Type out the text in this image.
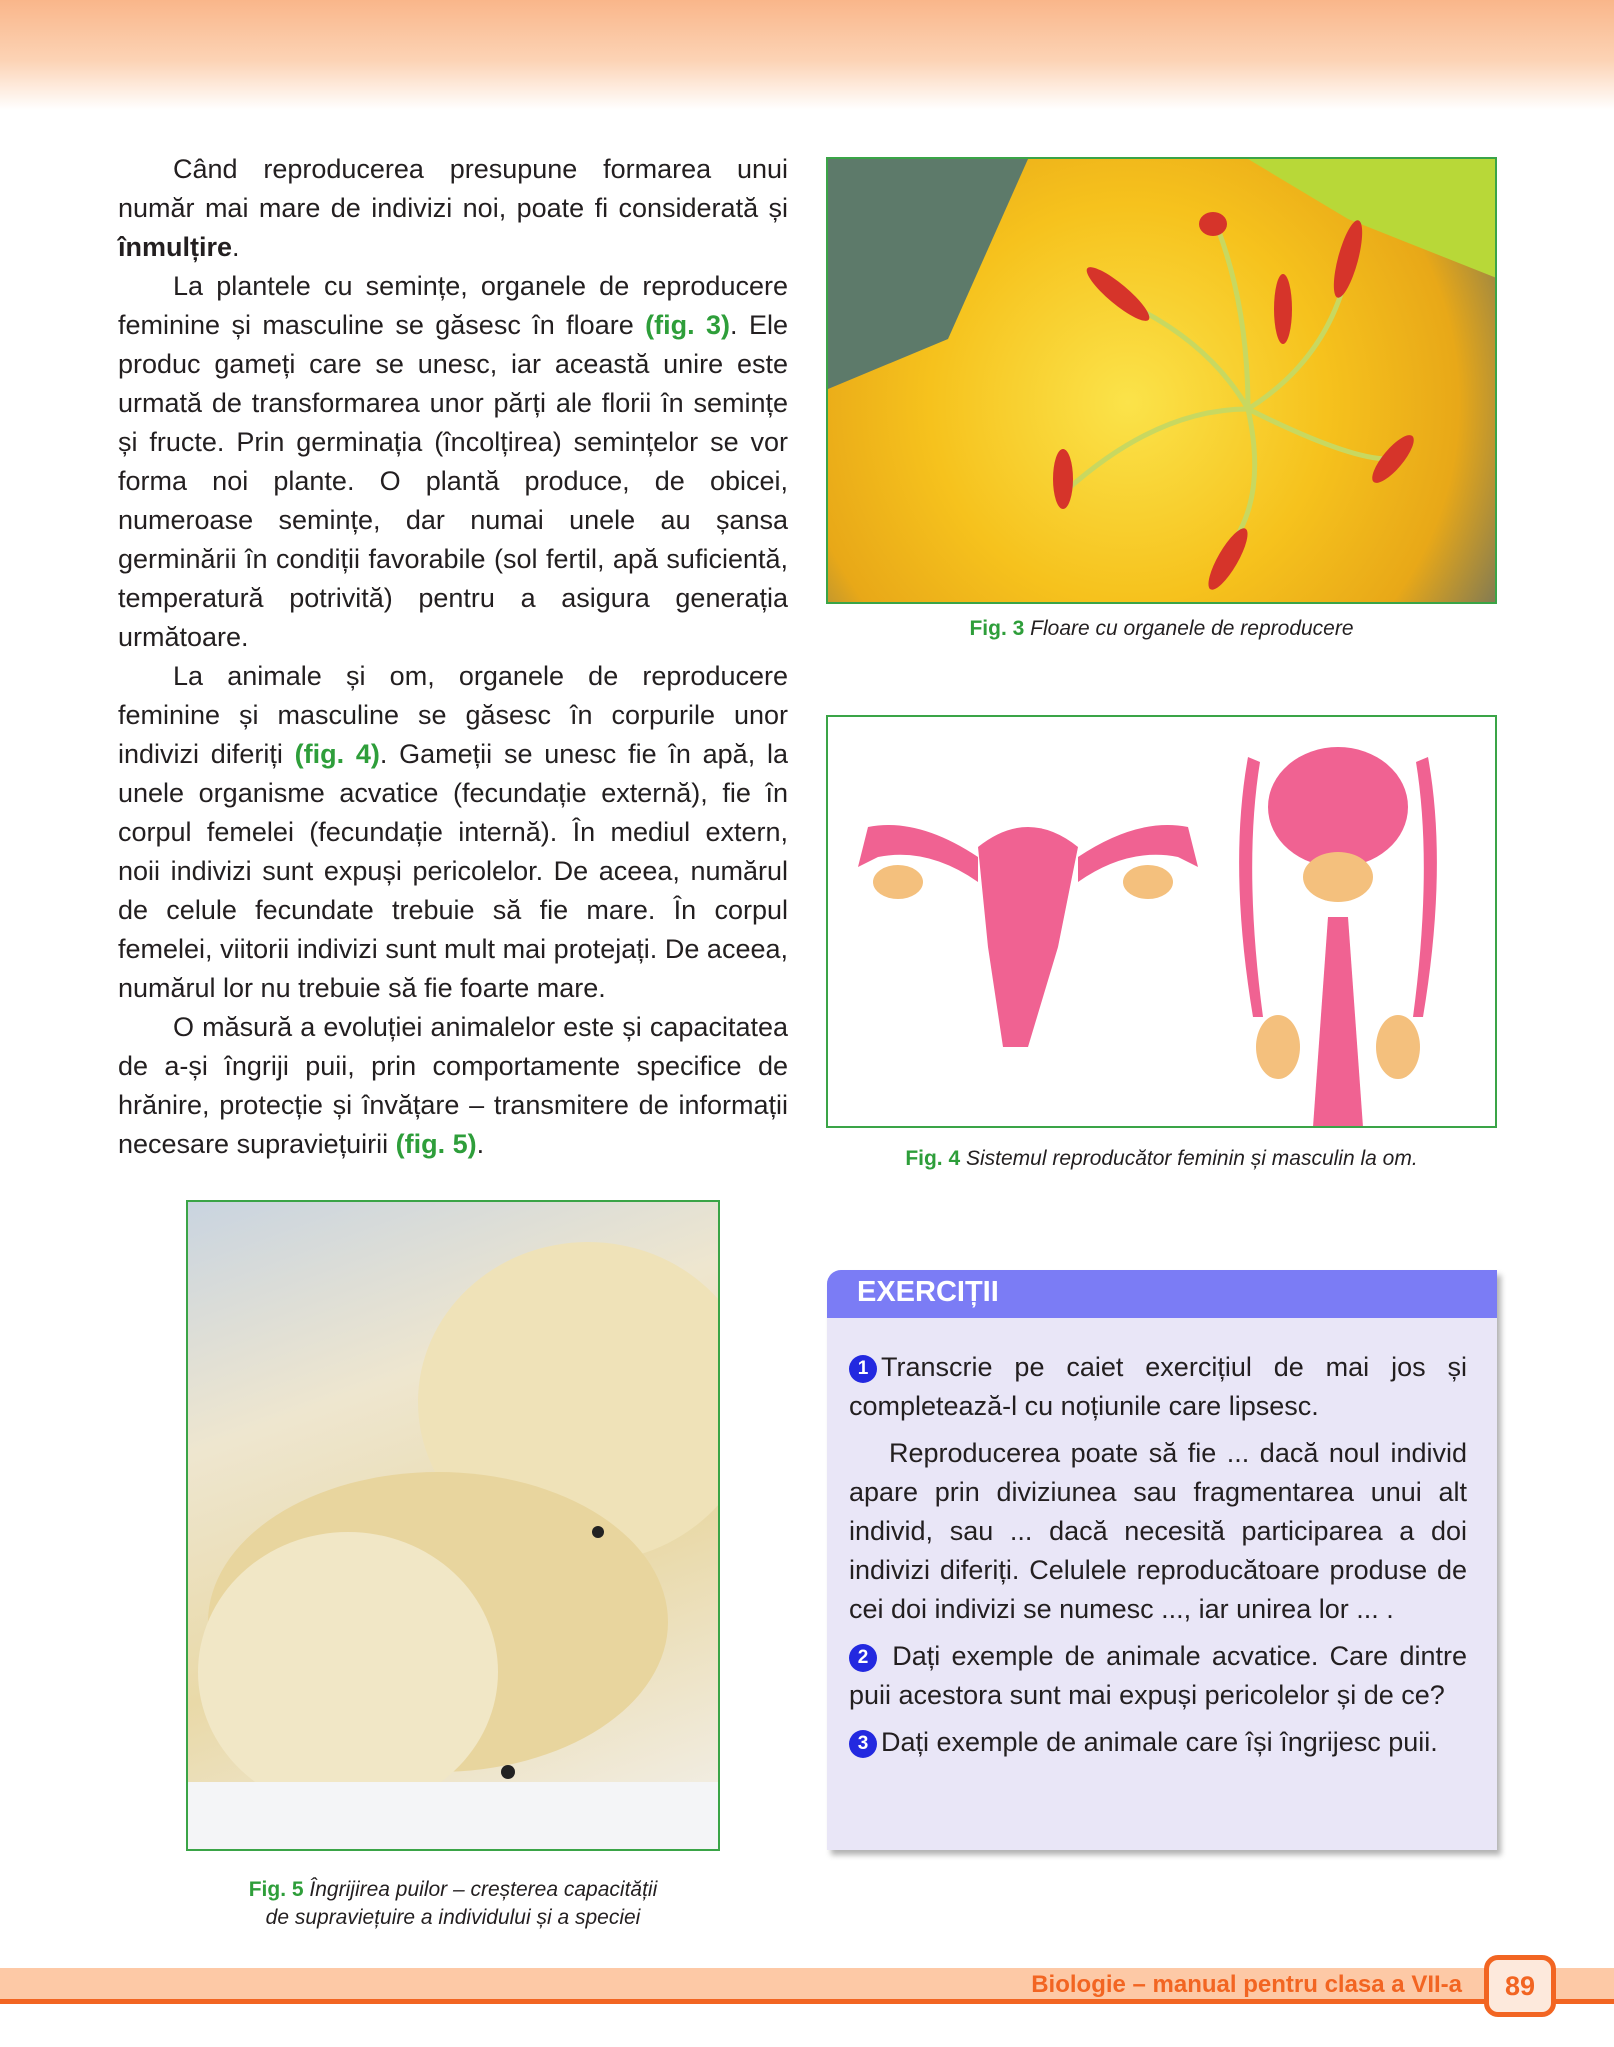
Când reproducerea presupune formarea unui număr mai mare de indivizi noi, poate fi considerată și înmulțire.

La plantele cu semințe, organele de reproducere feminine și masculine se găsesc în floare (fig. 3). Ele produc gameți care se unesc, iar această unire este urmată de transformarea unor părți ale florii în semințe și fructe. Prin germinația (încolțirea) semințelor se vor forma noi plante. O plantă produce, de obicei, numeroase semințe, dar numai unele au șansa germinării în condiții favorabile (sol fertil, apă suficientă, temperatură potrivită) pentru a asigura generația următoare.

La animale și om, organele de reproducere feminine și masculine se găsesc în corpurile unor indivizi diferiți (fig. 4). Gameții se unesc fie în apă, la unele organisme acvatice (fecundație externă), fie în corpul femelei (fecundație internă). În mediul extern, noii indivizi sunt expuși pericolelor. De aceea, numărul de celule fecundate trebuie să fie mare. În corpul femelei, viitorii indivizi sunt mult mai protejați. De aceea, numărul lor nu trebuie să fie foarte mare.

O măsură a evoluției animalelor este și capacitatea de a-și îngriji puii, prin comportamente specifice de hrănire, protecție și învățare – transmitere de informații necesare supraviețuirii (fig. 5).

Fig. 3 Floare cu organele de reproducere
Fig. 4 Sistemul reproducător feminin și masculin la om.
Fig. 5 Îngrijirea puilor – creșterea capacității
de supraviețuire a individului și a speciei
EXERCIȚII

1 Transcrie pe caiet exercițiul de mai jos și completează-l cu noțiunile care lipsesc.

Reproducerea poate să fie ... dacă noul individ apare prin diviziunea sau fragmentarea unui alt individ, sau ... dacă necesită participarea a doi indivizi diferiți. Celulele reproducătoare produse de cei doi indivizi se numesc ..., iar unirea lor ... .

2 Dați exemple de animale acvatice. Care dintre puii acestora sunt mai expuși pericolelor și de ce?

3 Dați exemple de animale care își îngrijesc puii.

Biologie – manual pentru clasa a VII-a	89
